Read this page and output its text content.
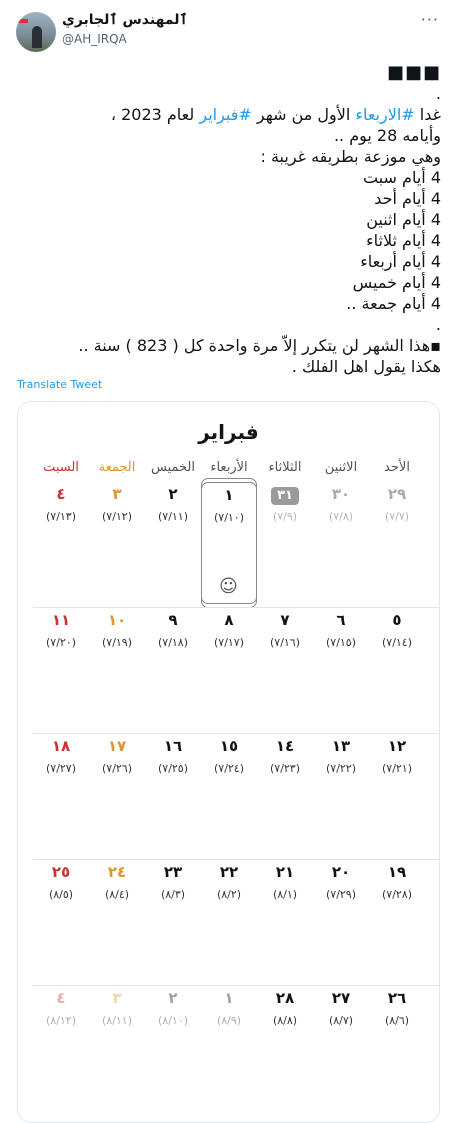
ٱلمهندس ٱلجابري
@AH_IRQA
···
■■■
.
غدا #الاربعاء الأول من شهر #فبراير لعام 2023 ،
وأيامه 28 يوم ..
وهي موزعة بطريقه غريبة :
4 أيام سبت
4 أيام أحد
4 أيام اثنين
4 أيام ثلاثاء
4 أيام أربعاء
4 أيام خميس
4 أيام جمعة ..
.
▪︎هذا الشهر لن يتكرر إلاّ مرة واحدة كل ( 823 ) سنة ..
هكذا يقول اهل الفلك .
Translate Tweet
فبراير
الأحد
الاثنين
الثلاثاء
الأربعاء
الخميس
الجمعة
السبت
٢٩
(٧/٧)
٣٠
(٧/٨)
٣١
(٧/٩)
١
(٧/١٠)
☺
٢
(٧/١١)
٣
(٧/١٢)
٤
(٧/١٣)
٥
(٧/١٤)
٦
(٧/١٥)
٧
(٧/١٦)
٨
(٧/١٧)
٩
(٧/١٨)
١٠
(٧/١٩)
١١
(٧/٢٠)
١٢
(٧/٢١)
١٣
(٧/٢٢)
١٤
(٧/٢٣)
١٥
(٧/٢٤)
١٦
(٧/٢٥)
١٧
(٧/٢٦)
١٨
(٧/٢٧)
١٩
(٧/٢٨)
٢٠
(٧/٢٩)
٢١
(٨/١)
٢٢
(٨/٢)
٢٣
(٨/٣)
٢٤
(٨/٤)
٢٥
(٨/٥)
٢٦
(٨/٦)
٢٧
(٨/٧)
٢٨
(٨/٨)
١
(٨/٩)
٢
(٨/١٠)
٣
(٨/١١)
٤
(٨/١٢)
